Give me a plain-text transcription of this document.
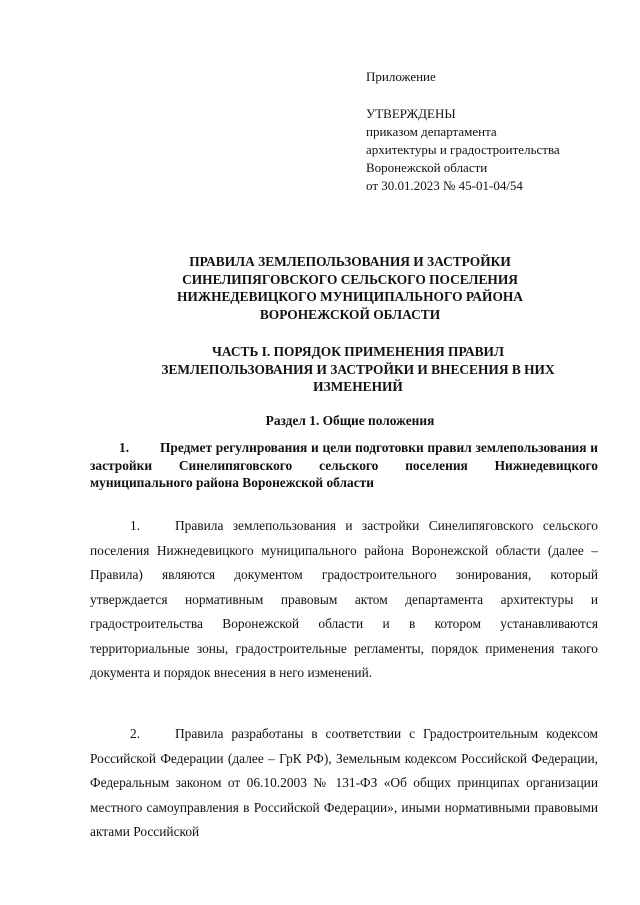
Приложение
УТВЕРЖДЕНЫ
приказом департамента
архитектуры и градостроительства
Воронежской области
от 30.01.2023 № 45-01-04/54
ПРАВИЛА ЗЕМЛЕПОЛЬЗОВАНИЯ И ЗАСТРОЙКИ
СИНЕЛИПЯГОВСКОГО СЕЛЬСКОГО ПОСЕЛЕНИЯ
НИЖНЕДЕВИЦКОГО МУНИЦИПАЛЬНОГО РАЙОНА
ВОРОНЕЖСКОЙ ОБЛАСТИ
ЧАСТЬ I. ПОРЯДОК ПРИМЕНЕНИЯ ПРАВИЛ
ЗЕМЛЕПОЛЬЗОВАНИЯ И ЗАСТРОЙКИ И ВНЕСЕНИЯ В НИХ
ИЗМЕНЕНИЙ
Раздел 1. Общие положения
1. Предмет регулирования и цели подготовки правил землепользования и застройки Синелипяговского сельского поселения Нижнедевицкого муниципального района Воронежской области
1.	Правила землепользования и застройки Синелипяговского сельского поселения Нижнедевицкого муниципального района Воронежской области (далее – Правила) являются документом градостроительного зонирования, который утверждается нормативным правовым актом департамента архитектуры и градостроительства Воронежской области и в котором устанавливаются территориальные зоны, градостроительные регламенты, порядок применения такого документа и порядок внесения в него изменений.
2.	Правила разработаны в соответствии с Градостроительным кодексом Российской Федерации (далее – ГрК РФ), Земельным кодексом Российской Федерации, Федеральным законом от 06.10.2003 № 131-ФЗ «Об общих принципах организации местного самоуправления в Российской Федерации», иными нормативными правовыми актами Российской
